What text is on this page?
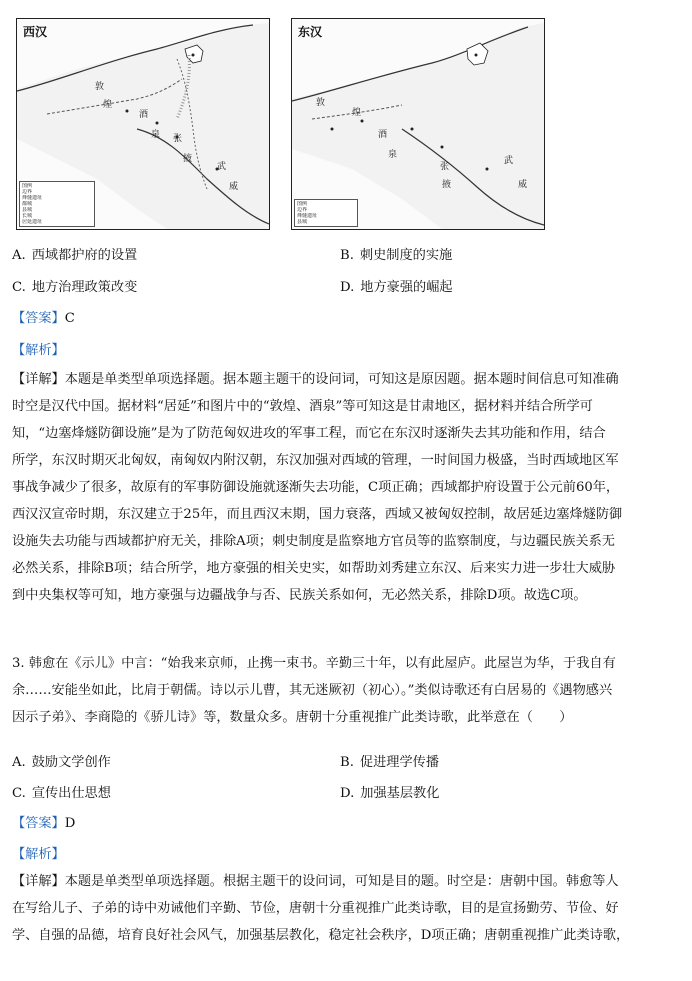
西汉
敦
煌
酒
泉 张
掖
武
威
图例
边界
烽燧遗址
都城
县城
长城
居延遗址
东汉
敦
煌
酒
泉
张
掖
武
威
图例
边界
烽燧遗址
县城
A. 西域都护府的设置	B. 刺史制度的实施
C. 地方治理政策改变	D. 地方豪强的崛起
【答案】C
【解析】
【详解】本题是单类型单项选择题。据本题主题干的设问词，可知这是原因题。据本题时间信息可知准确
时空是汉代中国。据材料“居延”和图片中的“敦煌、酒泉”等可知这是甘肃地区，据材料并结合所学可
知，“边塞烽燧防御设施”是为了防范匈奴进攻的军事工程，而它在东汉时逐渐失去其功能和作用，结合
所学，东汉时期灭北匈奴，南匈奴内附汉朝，东汉加强对西域的管理，一时间国力极盛，当时西域地区军
事战争减少了很多，故原有的军事防御设施就逐渐失去功能，C项正确；西域都护府设置于公元前60年，
西汉汉宣帝时期，东汉建立于25年，而且西汉末期，国力衰落，西域又被匈奴控制，故居延边塞烽燧防御
设施失去功能与西域都护府无关，排除A项；刺史制度是监察地方官员等的监察制度，与边疆民族关系无
必然关系，排除B项；结合所学，地方豪强的相关史实，如帮助刘秀建立东汉、后来实力进一步壮大威胁
到中央集权等可知，地方豪强与边疆战争与否、民族关系如何，无必然关系，排除D项。故选C项。
3. 韩愈在《示儿》中言：“始我来京师，止携一束书。辛勤三十年，以有此屋庐。此屋岂为华，于我自有
余……安能坐如此，比肩于朝儒。诗以示儿曹，其无迷厥初（初心）。”类似诗歌还有白居易的《遇物感兴
因示子弟》、李商隐的《骄儿诗》等，数量众多。唐朝十分重视推广此类诗歌，此举意在（　　）
A. 鼓励文学创作	B. 促进理学传播
C. 宣传出仕思想	D. 加强基层教化
【答案】D
【解析】
【详解】本题是单类型单项选择题。根据主题干的设问词，可知是目的题。时空是：唐朝中国。韩愈等人
在写给儿子、子弟的诗中劝诫他们辛勤、节俭，唐朝十分重视推广此类诗歌，目的是宣扬勤劳、节俭、好
学、自强的品德，培育良好社会风气，加强基层教化，稳定社会秩序，D项正确；唐朝重视推广此类诗歌，
